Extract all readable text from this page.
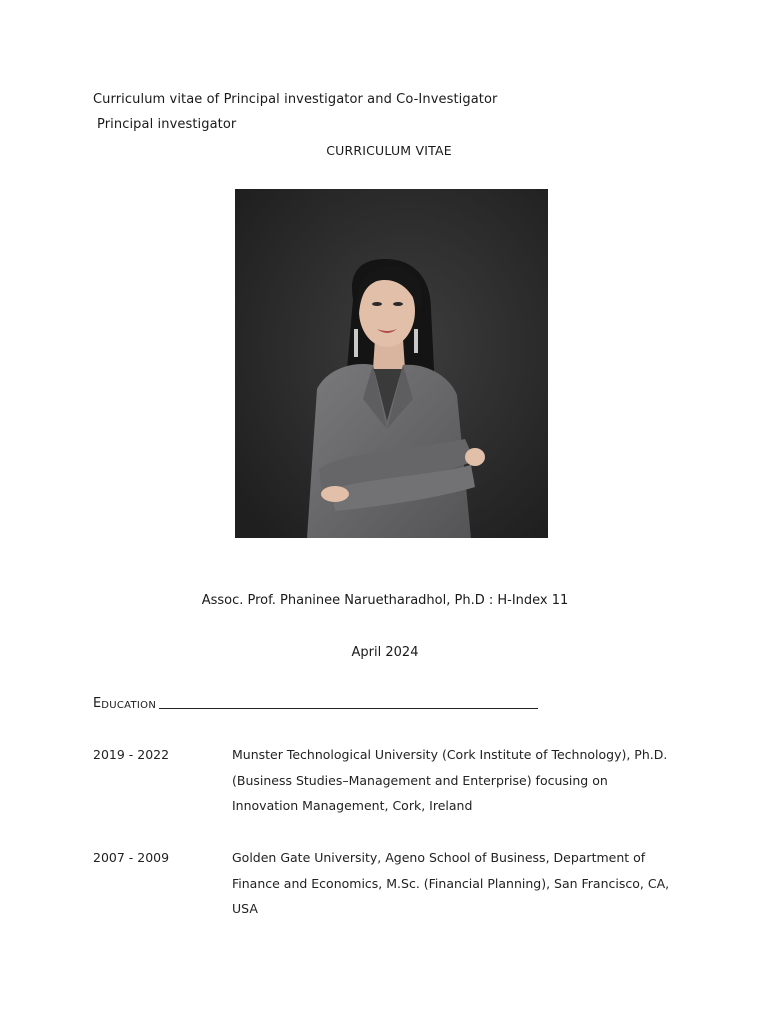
Curriculum vitae of Principal investigator and Co-Investigator
Principal investigator
CURRICULUM VITAE
Assoc. Prof. Phaninee Naruetharadhol, Ph.D : H-Index 11
April 2024
E DUCATION
2019 - 2022	Munster Technological University (Cork Institute of Technology), Ph.D. (Business Studies–Management and Enterprise) focusing on Innovation Management, Cork, Ireland
2007 - 2009	Golden Gate University, Ageno School of Business, Department of Finance and Economics, M.Sc. (Financial Planning), San Francisco, CA, USA
